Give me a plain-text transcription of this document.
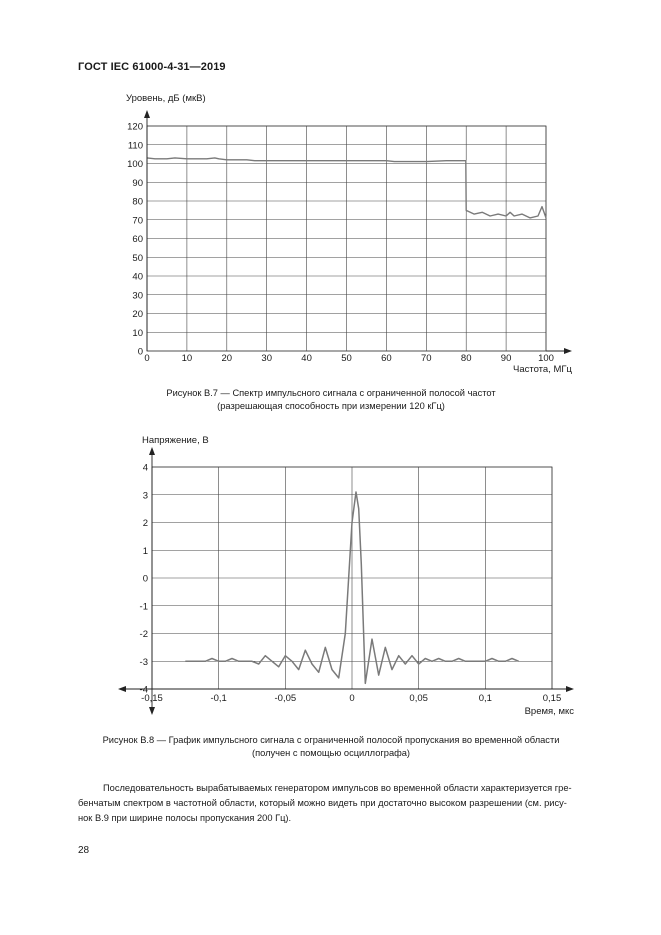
ГОСТ IEC 61000-4-31—2019
Уровень, дБ (мкВ)
Частота, МГц
0	10	20	30	40	50	60	70	80	90	100
0
10
20
30
40
50
60
70
80
90
100
110
120
Рисунок В.7 — Спектр импульсного сигнала с ограниченной полосой частот
(разрешающая способность при измерении 120 кГц)
Напряжение, В
Время, мкс
-0,15	-0,1	-0,05	0	0,05	0,1	0,15
-4
-3
-2
-1
0
1
2
3
4
Рисунок В.8 — График импульсного сигнала с ограниченной полосой пропускания во временной области
(получен с помощью осциллографа)
Последовательность вырабатываемых генератором импульсов во временной области характеризуется гре-
бенчатым спектром в частотной области, который можно видеть при достаточно высоком разрешении (см. рису-
нок В.9 при ширине полосы пропускания 200 Гц).
28
